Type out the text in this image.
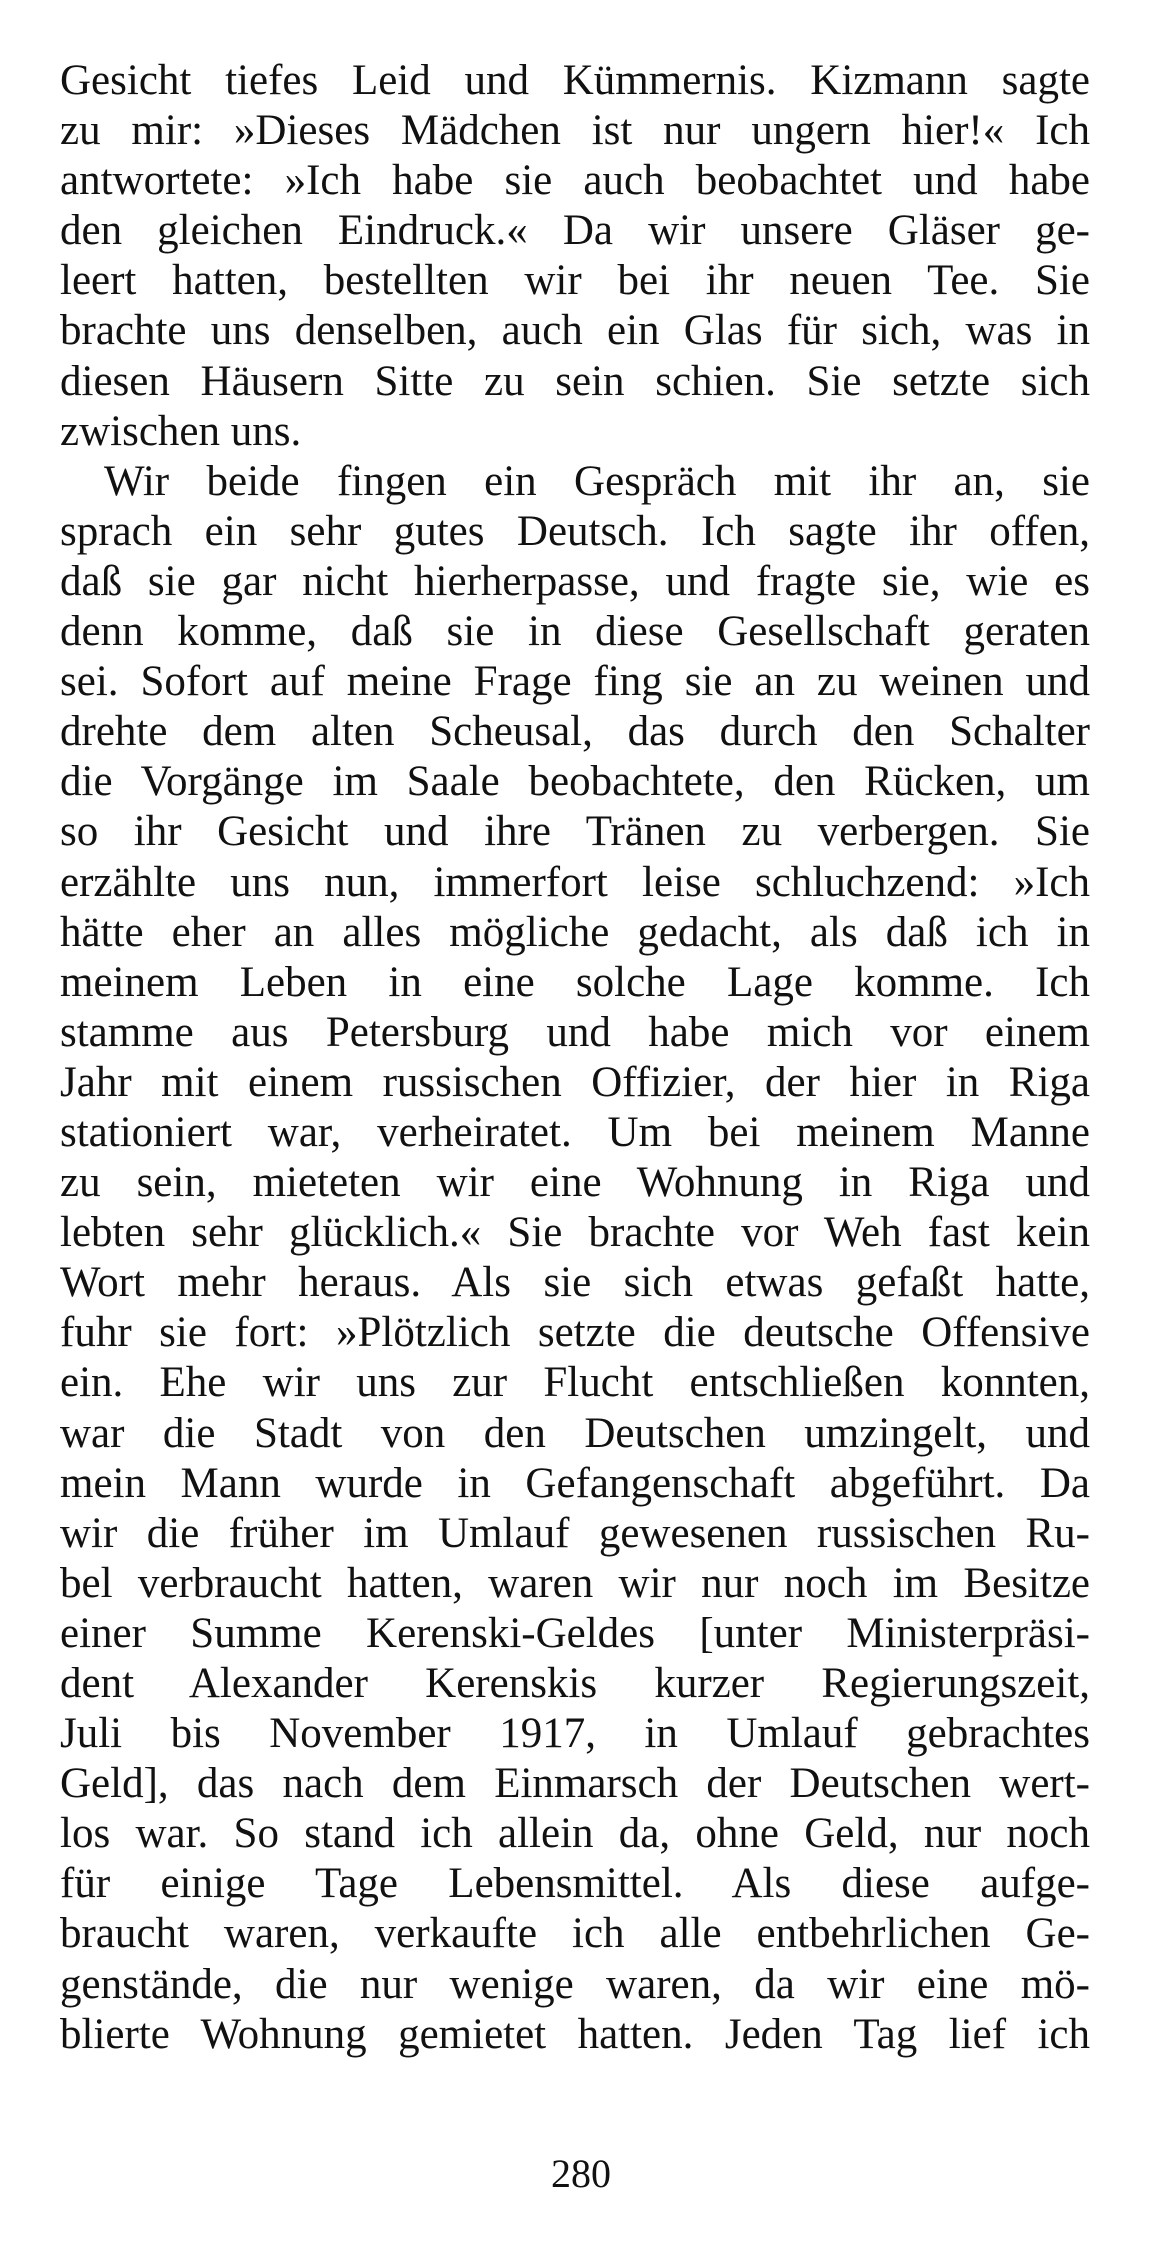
Gesicht tiefes Leid und Kümmernis. Kizmann sagte
zu mir: »Dieses Mädchen ist nur ungern hier!« Ich
antwortete: »Ich habe sie auch beobachtet und habe
den gleichen Eindruck.« Da wir unsere Gläser ge-
leert hatten, bestellten wir bei ihr neuen Tee. Sie
brachte uns denselben, auch ein Glas für sich, was in
diesen Häusern Sitte zu sein schien. Sie setzte sich
zwischen uns.

Wir beide fingen ein Gespräch mit ihr an, sie
sprach ein sehr gutes Deutsch. Ich sagte ihr offen,
daß sie gar nicht hierherpasse, und fragte sie, wie es
denn komme, daß sie in diese Gesellschaft geraten
sei. Sofort auf meine Frage fing sie an zu weinen und
drehte dem alten Scheusal, das durch den Schalter
die Vorgänge im Saale beobachtete, den Rücken, um
so ihr Gesicht und ihre Tränen zu verbergen. Sie
erzählte uns nun, immerfort leise schluchzend: »Ich
hätte eher an alles mögliche gedacht, als daß ich in
meinem Leben in eine solche Lage komme. Ich
stamme aus Petersburg und habe mich vor einem
Jahr mit einem russischen Offizier, der hier in Riga
stationiert war, verheiratet. Um bei meinem Manne
zu sein, mieteten wir eine Wohnung in Riga und
lebten sehr glücklich.« Sie brachte vor Weh fast kein
Wort mehr heraus. Als sie sich etwas gefaßt hatte,
fuhr sie fort: »Plötzlich setzte die deutsche Offensive
ein. Ehe wir uns zur Flucht entschließen konnten,
war die Stadt von den Deutschen umzingelt, und
mein Mann wurde in Gefangenschaft abgeführt. Da
wir die früher im Umlauf gewesenen russischen Ru-
bel verbraucht hatten, waren wir nur noch im Besitze
einer Summe Kerenski-Geldes [unter Ministerpräsi-
dent Alexander Kerenskis kurzer Regierungszeit,
Juli bis November 1917, in Umlauf gebrachtes
Geld], das nach dem Einmarsch der Deutschen wert-
los war. So stand ich allein da, ohne Geld, nur noch
für einige Tage Lebensmittel. Als diese aufge-
braucht waren, verkaufte ich alle entbehrlichen Ge-
genstände, die nur wenige waren, da wir eine mö-
blierte Wohnung gemietet hatten. Jeden Tag lief ich

280
